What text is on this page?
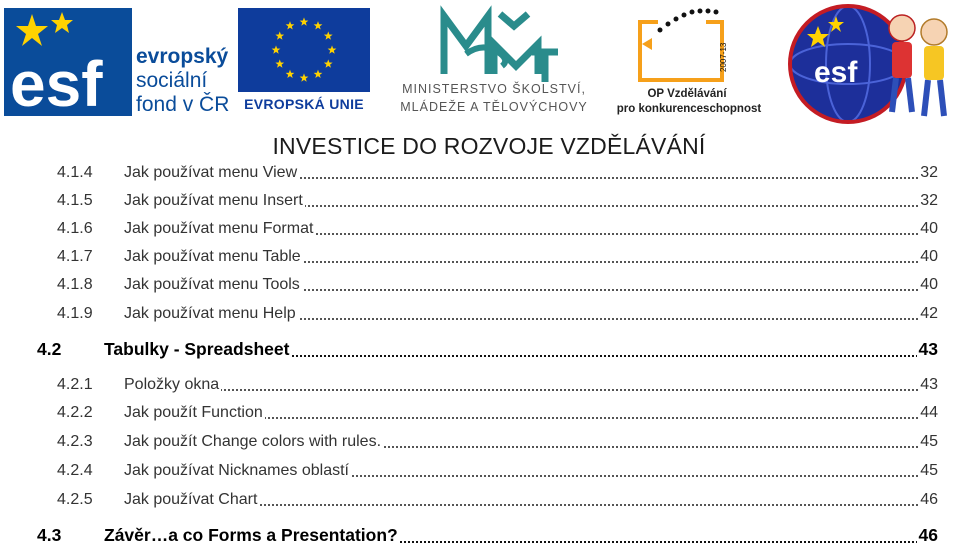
esf evropský
sociální
fond v ČR	EVROPSKÁ UNIE
MINISTERSTVO ŠKOLSTVÍ,
MLÁDEŽE A TĚLOVÝCHOVY
2007-13
OP Vzdělávání
pro konkurenceschopnost
esf
INVESTICE DO ROZVOJE VZDĚLÁVÁNÍ
4.1.4 Jak používat menu View	32
4.1.5 Jak používat menu Insert	32
4.1.6 Jak používat menu Format	40
4.1.7 Jak používat menu Table	40
4.1.8 Jak používat menu Tools	40
4.1.9 Jak používat menu Help	42
4.2 Tabulky - Spreadsheet	43
4.2.1 Položky okna	43
4.2.2 Jak použít Function	44
4.2.3 Jak použít Change colors with rules.	45
4.2.4 Jak používat Nicknames oblastí	45
4.2.5 Jak používat Chart	46
4.3 Závěr…a co Forms a Presentation?	46
